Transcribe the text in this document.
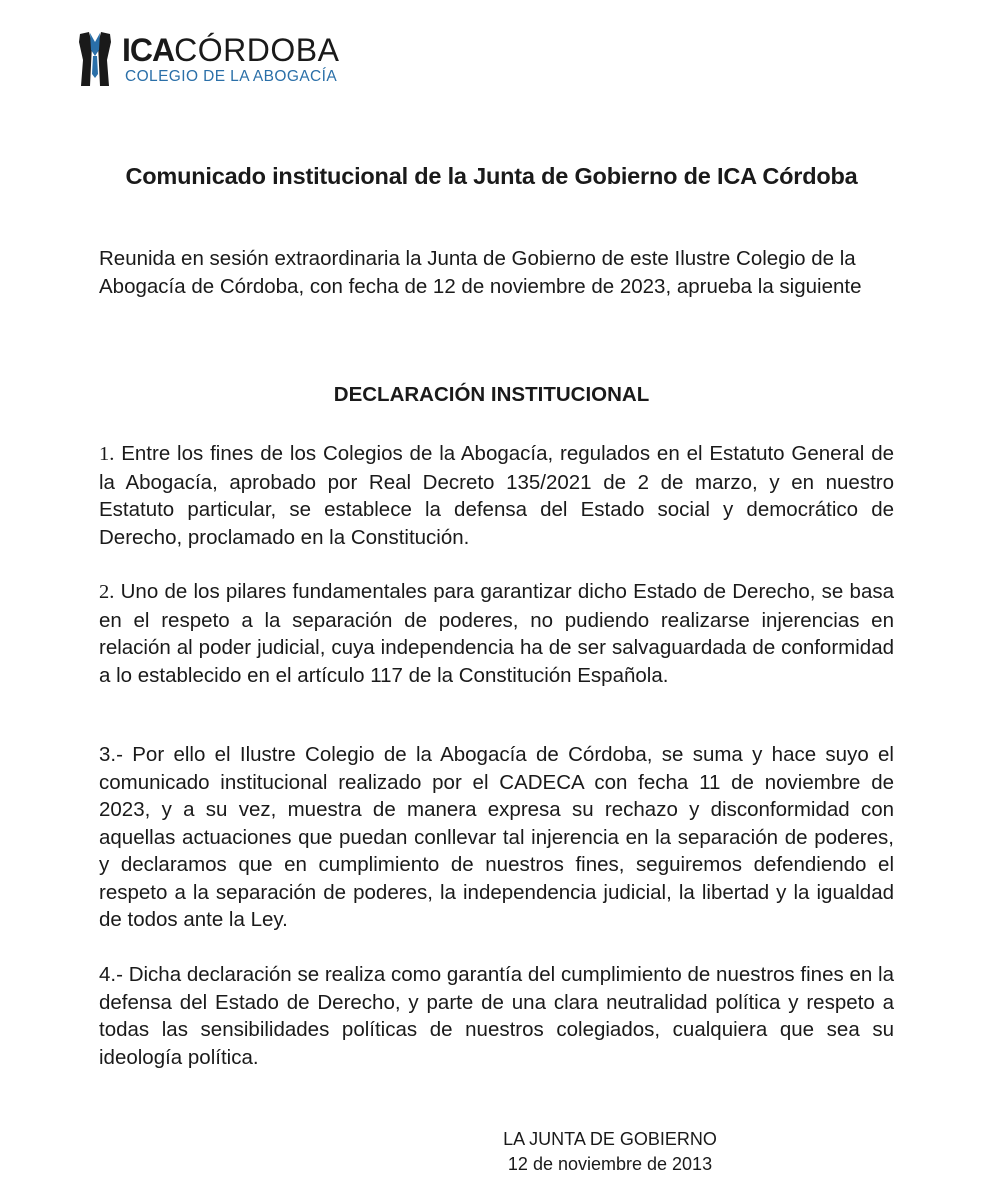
ICACÓRDOBA
COLEGIO DE LA ABOGACÍA
Comunicado institucional de la Junta de Gobierno de ICA Córdoba

Reunida en sesión extraordinaria la Junta de Gobierno de este Ilustre Colegio de la Abogacía de Córdoba, con fecha de 12 de noviembre de 2023, aprueba la siguiente

DECLARACIÓN INSTITUCIONAL

1. Entre los fines de los Colegios de la Abogacía, regulados en el Estatuto General de la Abogacía, aprobado por Real Decreto 135/2021 de 2 de marzo, y en nuestro Estatuto particular, se establece la defensa del Estado social y democrático de Derecho, proclamado en la Constitución.

2. Uno de los pilares fundamentales para garantizar dicho Estado de Derecho, se basa en el respeto a la separación de poderes, no pudiendo realizarse injerencias en relación al poder judicial, cuya independencia ha de ser salvaguardada de conformidad a lo establecido en el artículo 117 de la Constitución Española.

3.- Por ello el Ilustre Colegio de la Abogacía de Córdoba, se suma y hace suyo el comunicado institucional realizado por el CADECA con fecha 11 de noviembre de 2023, y a su vez, muestra de manera expresa su rechazo y disconformidad con aquellas actuaciones que puedan conllevar tal injerencia en la separación de poderes, y declaramos que en cumplimiento de nuestros fines, seguiremos defendiendo el respeto a la separación de poderes, la independencia judicial, la libertad y la igualdad de todos ante la Ley.

4.- Dicha declaración se realiza como garantía del cumplimiento de nuestros fines en la defensa del Estado de Derecho, y parte de una clara neutralidad política y respeto a todas las sensibilidades políticas de nuestros colegiados, cualquiera que sea su ideología política.

LA JUNTA DE GOBIERNO
12 de noviembre de 2013
